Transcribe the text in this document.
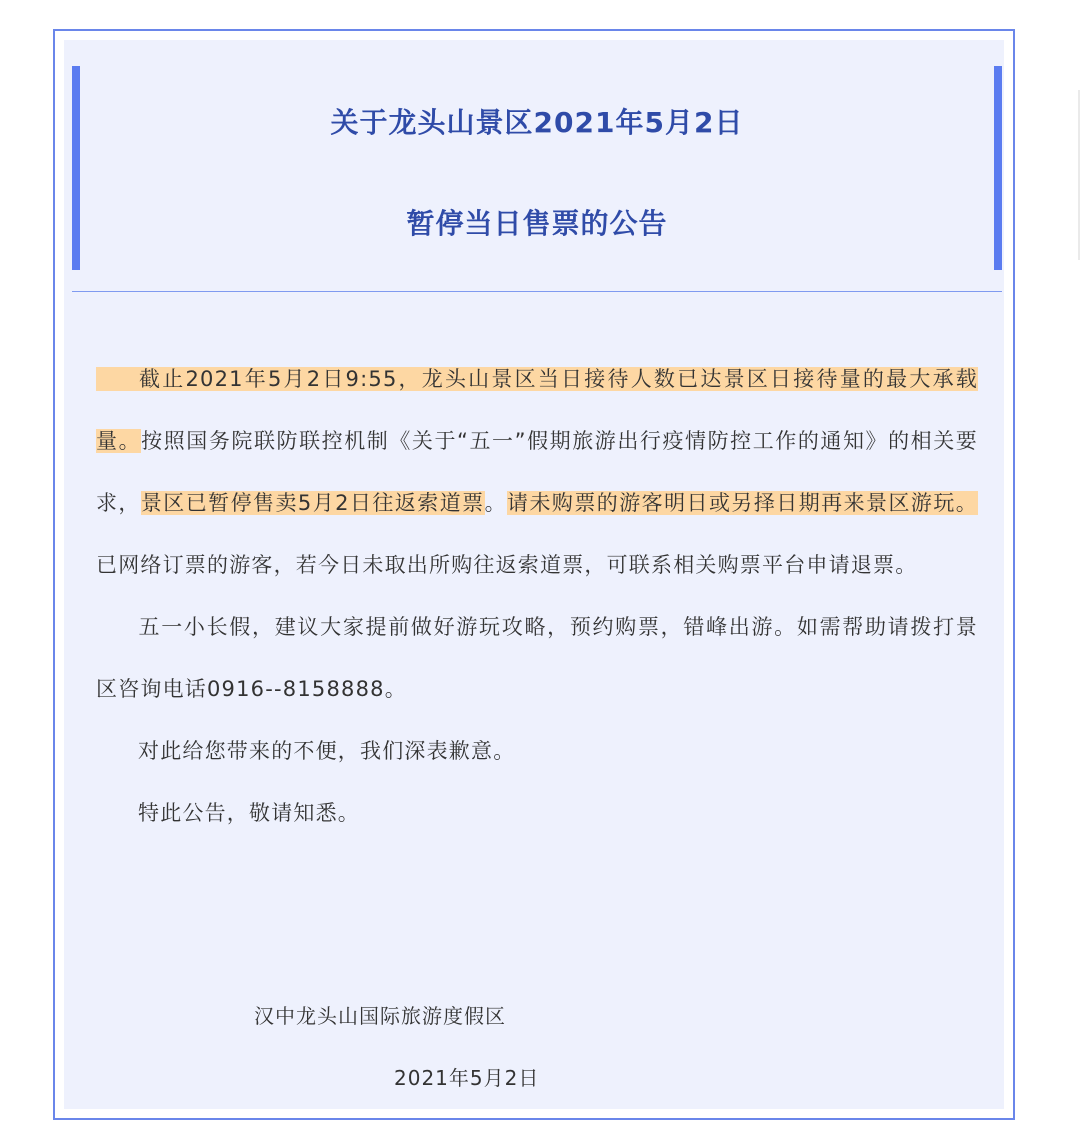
关于龙头山景区2021年5月2日
暂停当日售票的公告

截止2021年5月2日9:55，龙头山景区当日接待人数已达景区日接待量的最大承载量。按照国务院联防联控机制《关于“五一”假期旅游出行疫情防控工作的通知》的相关要求，景区已暂停售卖5月2日往返索道票。请未购票的游客明日或另择日期再来景区游玩。已网络订票的游客，若今日未取出所购往返索道票，可联系相关购票平台申请退票。

五一小长假，建议大家提前做好游玩攻略，预约购票，错峰出游。如需帮助请拨打景区咨询电话0916--8158888。

对此给您带来的不便，我们深表歉意。

特此公告，敬请知悉。

汉中龙头山国际旅游度假区
2021年5月2日
